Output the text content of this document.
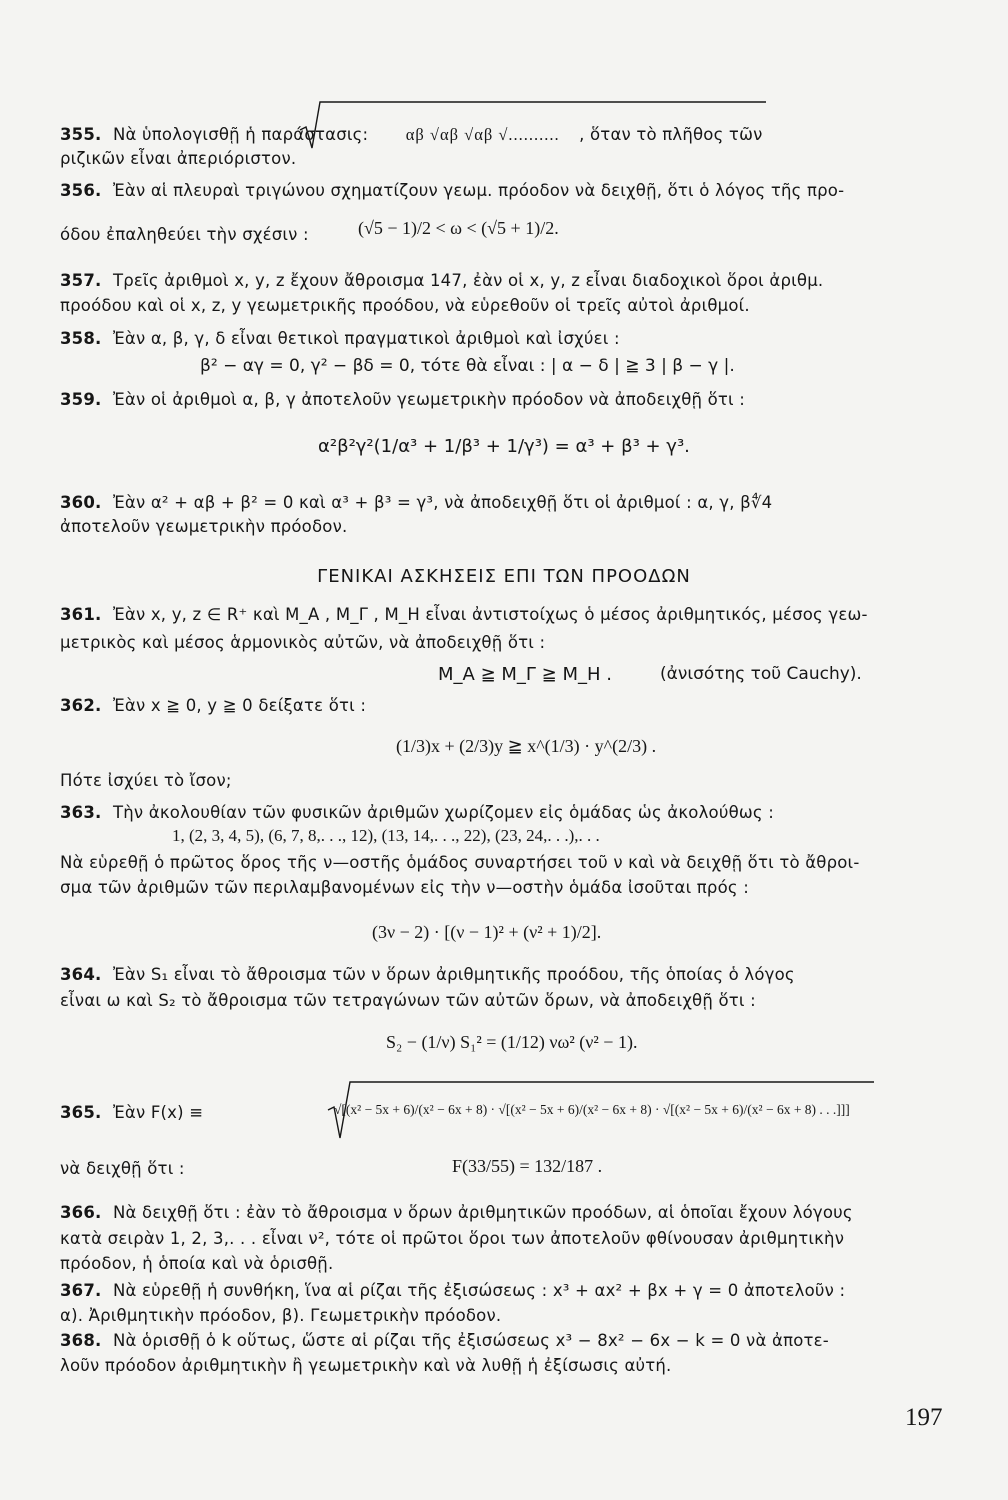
355. Νὰ ὑπολογισθῇ ἡ παράστασις: αβ √αβ √αβ √.......... , ὅταν τὸ πλῆθος τῶν
ριζικῶν εἶναι ἀπεριόριστον.
356. Ἐὰν αἱ πλευραὶ τριγώνου σχηματίζουν γεωμ. πρόοδον νὰ δειχθῇ, ὅτι ὁ λόγος τῆς προ-
όδου ἐπαληθεύει τὴν σχέσιν :	(√5 − 1)/2 < ω < (√5 + 1)/2.
357. Τρεῖς ἀριθμοὶ x, y, z ἔχουν ἄθροισμα 147, ἐὰν οἱ x, y, z εἶναι διαδοχικοὶ ὅροι ἀριθμ.
προόδου καὶ οἱ x, z, y γεωμετρικῆς προόδου, νὰ εὑρεθοῦν οἱ τρεῖς αὐτοὶ ἀριθμοί.
358. Ἐὰν α, β, γ, δ εἶναι θετικοὶ πραγματικοὶ ἀριθμοὶ καὶ ἰσχύει :
β² − αγ = 0, γ² − βδ = 0, τότε θὰ εἶναι : | α − δ | ≧ 3 | β − γ |.
359. Ἐὰν οἱ ἀριθμοὶ α, β, γ ἀποτελοῦν γεωμετρικὴν πρόοδον νὰ ἀποδειχθῇ ὅτι :
α²β²γ²(1/α³ + 1/β³ + 1/γ³) = α³ + β³ + γ³.
360. Ἐὰν α² + αβ + β² = 0 καὶ α³ + β³ = γ³, νὰ ἀποδειχθῇ ὅτι οἱ ἀριθμοί : α, γ, β∜4
ἀποτελοῦν γεωμετρικὴν πρόοδον.
ΓΕΝΙΚΑΙ ΑΣΚΗΣΕΙΣ ΕΠΙ ΤΩΝ ΠΡΟΟΔΩΝ
361. Ἐὰν x, y, z ∈ R⁺ καὶ M_A , M_Γ , M_H εἶναι ἀντιστοίχως ὁ μέσος ἀριθμητικός, μέσος γεω-
μετρικὸς καὶ μέσος ἁρμονικὸς αὐτῶν, νὰ ἀποδειχθῇ ὅτι :
M_A ≧ M_Γ ≧ M_H .	(ἀνισότης τοῦ Cauchy).
362. Ἐὰν x ≧ 0, y ≧ 0 δείξατε ὅτι :
(1/3)x + (2/3)y ≧ x^(1/3) · y^(2/3) .
Πότε ἰσχύει τὸ ἴσον;
363. Τὴν ἀκολουθίαν τῶν φυσικῶν ἀριθμῶν χωρίζομεν εἰς ὁμάδας ὡς ἀκολούθως :
1, (2, 3, 4, 5), (6, 7, 8,. . ., 12), (13, 14,. . ., 22), (23, 24,. . .),. . .
Νὰ εὑρεθῇ ὁ πρῶτος ὅρος τῆς ν—οστῆς ὁμάδος συναρτήσει τοῦ ν καὶ νὰ δειχθῇ ὅτι τὸ ἄθροι-
σμα τῶν ἀριθμῶν τῶν περιλαμβανομένων εἰς τὴν ν—οστὴν ὁμάδα ἰσοῦται πρός :
(3ν − 2) · [(ν − 1)² + (ν² + 1)/2].
364. Ἐὰν S₁ εἶναι τὸ ἄθροισμα τῶν ν ὅρων ἀριθμητικῆς προόδου, τῆς ὁποίας ὁ λόγος
εἶναι ω καὶ S₂ τὸ ἄθροισμα τῶν τετραγώνων τῶν αὐτῶν ὅρων, νὰ ἀποδειχθῇ ὅτι :
S₂ − (1/ν) S₁² = (1/12) νω² (ν² − 1).
365. Ἐὰν F(x) ≡	√[(x² − 5x + 6)/(x² − 6x + 8) · √[(x² − 5x + 6)/(x² − 6x + 8) · √[(x² − 5x + 6)/(x² − 6x + 8) . . .]]]
νὰ δειχθῇ ὅτι :	F(33/55) = 132/187 .
366. Νὰ δειχθῇ ὅτι : ἐὰν τὸ ἄθροισμα ν ὅρων ἀριθμητικῶν προόδων, αἱ ὁποῖαι ἔχουν λόγους
κατὰ σειρὰν 1, 2, 3,. . . εἶναι ν², τότε οἱ πρῶτοι ὅροι των ἀποτελοῦν φθίνουσαν ἀριθμητικὴν
πρόοδον, ἡ ὁποία καὶ νὰ ὁρισθῇ.
367. Νὰ εὑρεθῇ ἡ συνθήκη, ἵνα αἱ ρίζαι τῆς ἐξισώσεως : x³ + αx² + βx + γ = 0 ἀποτελοῦν :
α). Ἀριθμητικὴν πρόοδον, β). Γεωμετρικὴν πρόοδον.
368. Νὰ ὁρισθῇ ὁ k οὕτως, ὥστε αἱ ρίζαι τῆς ἐξισώσεως x³ − 8x² − 6x − k = 0 νὰ ἀποτε-
λοῦν πρόοδον ἀριθμητικὴν ἢ γεωμετρικὴν καὶ νὰ λυθῇ ἡ ἐξίσωσις αὐτή.
197
